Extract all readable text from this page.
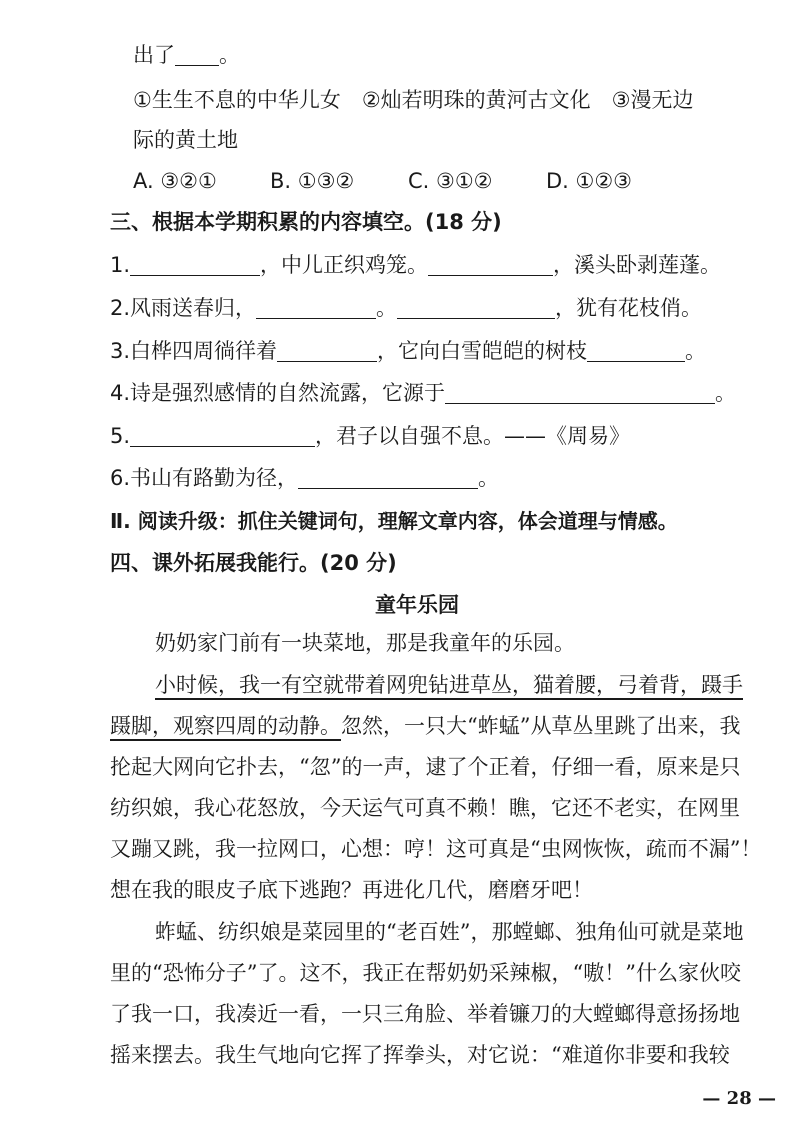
出了 。
①生生不息的中华儿女　②灿若明珠的黄河古文化　③漫无边
际的黄土地
A. ③②①	B. ①③②	C. ③①②	D. ①②③
三、根据本学期积累的内容填空。(18 分)
1.	，中儿正织鸡笼。	，溪头卧剥莲蓬。
2.风雨送春归，	。	，犹有花枝俏。
3.白桦四周徜徉着	，它向白雪皑皑的树枝	。
4.诗是强烈感情的自然流露，它源于	。
5.	，君子以自强不息。——《周易》
6.书山有路勤为径，	。
Ⅱ. 阅读升级：抓住关键词句，理解文章内容，体会道理与情感。
四、课外拓展我能行。(20 分)
童年乐园
奶奶家门前有一块菜地，那是我童年的乐园。
小时候，我一有空就带着网兜钻进草丛，猫着腰，弓着背，蹑手
蹑脚，观察四周的动静。忽然，一只大“蚱蜢”从草丛里跳了出来，我
抡起大网向它扑去，“忽”的一声，逮了个正着，仔细一看，原来是只
纺织娘，我心花怒放，今天运气可真不赖！瞧，它还不老实，在网里
又蹦又跳，我一拉网口，心想：哼！这可真是“虫网恢恢，疏而不漏”！
想在我的眼皮子底下逃跑？再进化几代，磨磨牙吧！
蚱蜢、纺织娘是菜园里的“老百姓”，那螳螂、独角仙可就是菜地
里的“恐怖分子”了。这不，我正在帮奶奶采辣椒，“嗷！”什么家伙咬
了我一口，我凑近一看，一只三角脸、举着镰刀的大螳螂得意扬扬地
摇来摆去。我生气地向它挥了挥拳头，对它说：“难道你非要和我较
— 28 —
